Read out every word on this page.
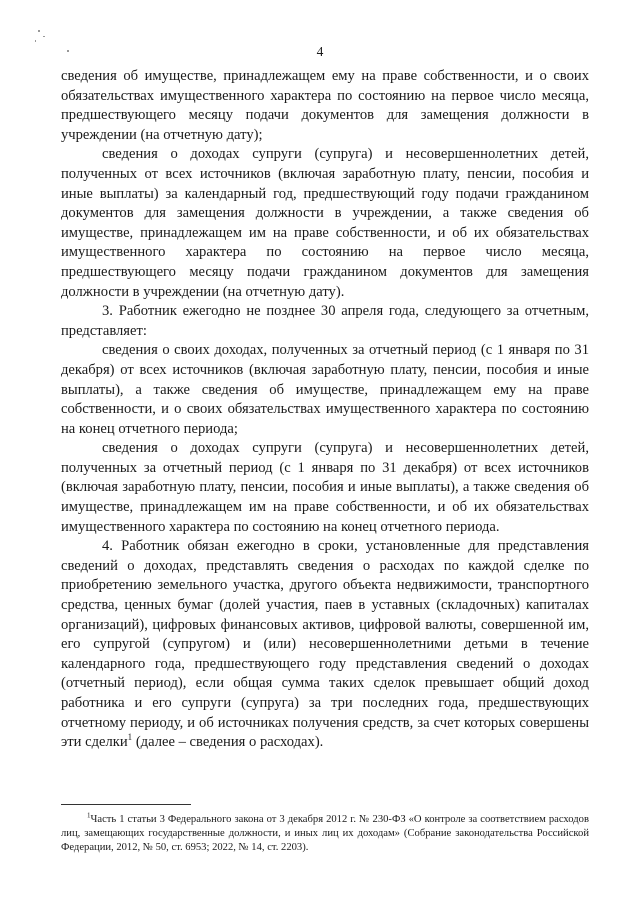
4

сведения об имуществе, принадлежащем ему на праве собственности, и о своих обязательствах имущественного характера по состоянию на первое число месяца, предшествующего месяцу подачи документов для замещения должности в учреждении (на отчетную дату);

сведения о доходах супруги (супруга) и несовершеннолетних детей, полученных от всех источников (включая заработную плату, пенсии, пособия и иные выплаты) за календарный год, предшествующий году подачи гражданином документов для замещения должности в учреждении, а также сведения об имуществе, принадлежащем им на праве собственности, и об их обязательствах имущественного характера по состоянию на первое число месяца, предшествующего месяцу подачи гражданином документов для замещения должности в учреждении (на отчетную дату).

3. Работник ежегодно не позднее 30 апреля года, следующего за отчетным, представляет:

сведения о своих доходах, полученных за отчетный период (с 1 января по 31 декабря) от всех источников (включая заработную плату, пенсии, пособия и иные выплаты), а также сведения об имуществе, принадлежащем ему на праве собственности, и о своих обязательствах имущественного характера по состоянию на конец отчетного периода;

сведения о доходах супруги (супруга) и несовершеннолетних детей, полученных за отчетный период (с 1 января по 31 декабря) от всех источников (включая заработную плату, пенсии, пособия и иные выплаты), а также сведения об имуществе, принадлежащем им на праве собственности, и об их обязательствах имущественного характера по состоянию на конец отчетного периода.

4. Работник обязан ежегодно в сроки, установленные для представления сведений о доходах, представлять сведения о расходах по каждой сделке по приобретению земельного участка, другого объекта недвижимости, транспортного средства, ценных бумаг (долей участия, паев в уставных (складочных) капиталах организаций), цифровых финансовых активов, цифровой валюты, совершенной им, его супругой (супругом) и (или) несовершеннолетними детьми в течение календарного года, предшествующего году представления сведений о доходах (отчетный период), если общая сумма таких сделок превышает общий доход работника и его супруги (супруга) за три последних года, предшествующих отчетному периоду, и об источниках получения средств, за счет которых совершены эти сделки$^1$ (далее – сведения о расходах).

$^1$Часть 1 статьи 3 Федерального закона от 3 декабря 2012 г. № 230-ФЗ «О контроле за соответствием расходов лиц, замещающих государственные должности, и иных лиц их доходам» (Собрание законодательства Российской Федерации, 2012, № 50, ст. 6953; 2022, № 14, ст. 2203).
